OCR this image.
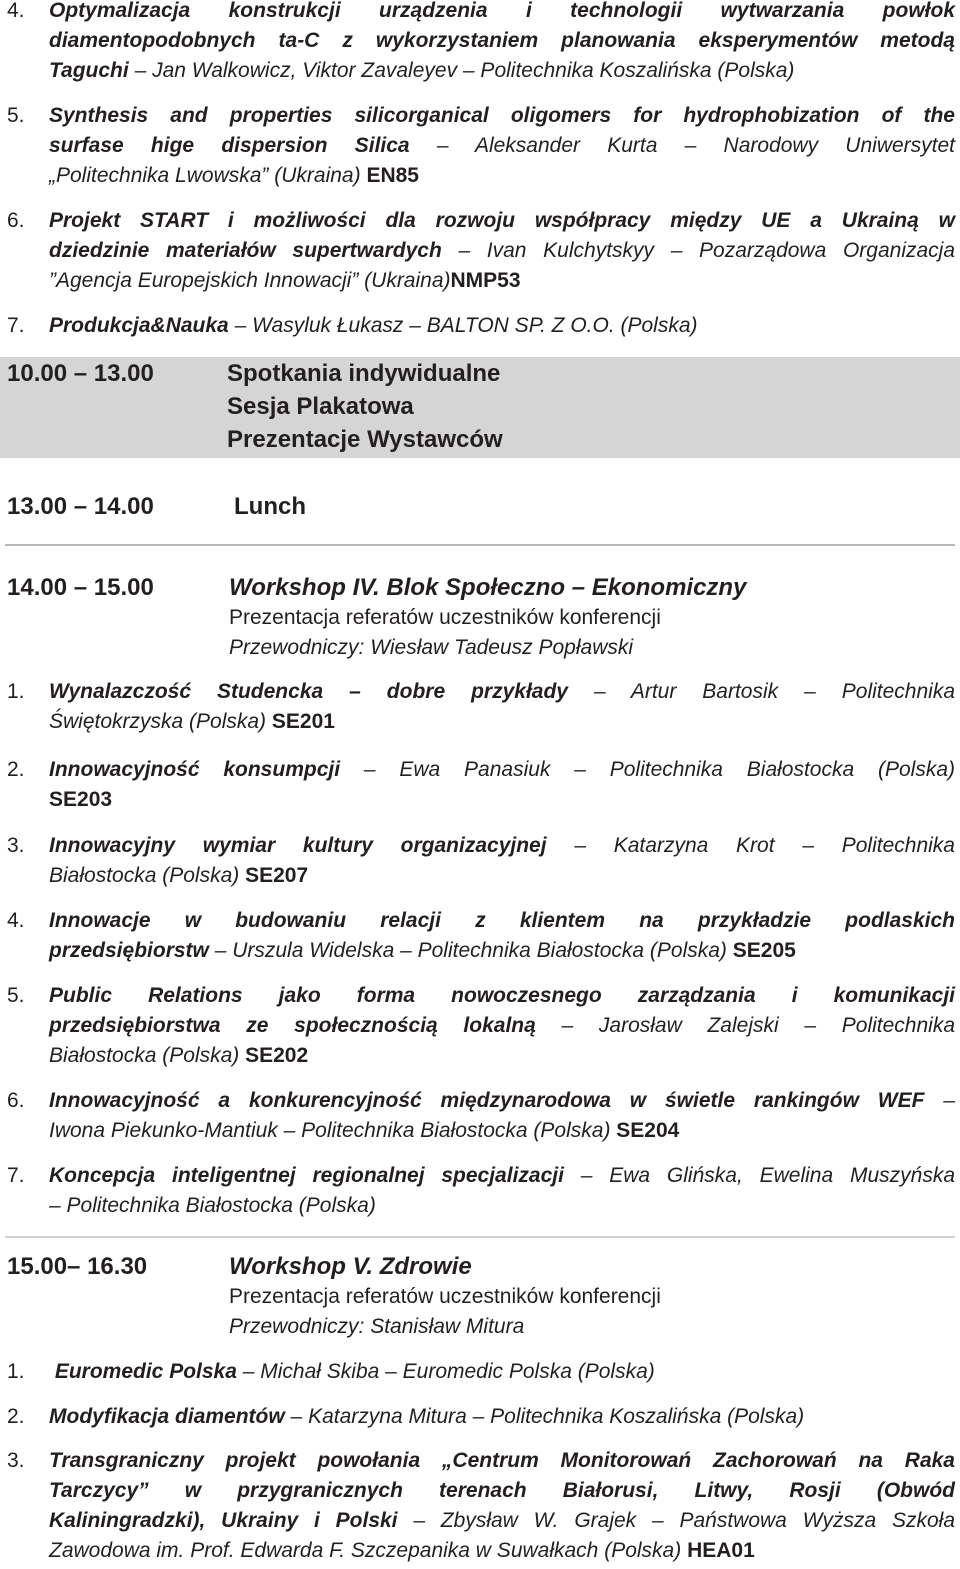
4. Optymalizacja konstrukcji urządzenia i technologii wytwarzania powłok
diamentopodobnych ta-C z wykorzystaniem planowania eksperymentów metodą
Taguchi – Jan Walkowicz, Viktor Zavaleyev – Politechnika Koszalińska (Polska)
5. Synthesis and properties silicorganical oligomers for hydrophobization of the
surfase hige dispersion Silica – Aleksander Kurta – Narodowy Uniwersytet
„Politechnika Lwowska” (Ukraina) EN85
6. Projekt START i możliwości dla rozwoju współpracy między UE a Ukrainą w
dziedzinie materiałów supertwardych – Ivan Kulchytskyy – Pozarządowa Organizacja
”Agencja Europejskich Innowacji” (Ukraina)NMP53
7. Produkcja&Nauka – Wasyluk Łukasz – BALTON SP. Z O.O. (Polska)
10.00 – 13.00	Spotkania indywidualne
Sesja Plakatowa
Prezentacje Wystawców
13.00 – 14.00	Lunch
14.00 – 15.00	Workshop IV. Blok Społeczno – Ekonomiczny
Prezentacja referatów uczestników konferencji
Przewodniczy: Wiesław Tadeusz Popławski
1. Wynalazczość Studencka – dobre przykłady – Artur Bartosik – Politechnika
Świętokrzyska (Polska) SE201
2. Innowacyjność konsumpcji – Ewa Panasiuk – Politechnika Białostocka (Polska)
SE203
3. Innowacyjny wymiar kultury organizacyjnej – Katarzyna Krot – Politechnika
Białostocka (Polska) SE207
4. Innowacje w budowaniu relacji z klientem na przykładzie podlaskich
przedsiębiorstw – Urszula Widelska – Politechnika Białostocka (Polska) SE205
5. Public Relations jako forma nowoczesnego zarządzania i komunikacji
przedsiębiorstwa ze społecznością lokalną – Jarosław Zalejski – Politechnika
Białostocka (Polska) SE202
6. Innowacyjność a konkurencyjność międzynarodowa w świetle rankingów WEF –
Iwona Piekunko-Mantiuk – Politechnika Białostocka (Polska) SE204
7. Koncepcja inteligentnej regionalnej specjalizacji – Ewa Glińska, Ewelina Muszyńska
– Politechnika Białostocka (Polska)
15.00– 16.30	Workshop V. Zdrowie
Prezentacja referatów uczestników konferencji
Przewodniczy: Stanisław Mitura
1. Euromedic Polska – Michał Skiba – Euromedic Polska (Polska)
2. Modyfikacja diamentów – Katarzyna Mitura – Politechnika Koszalińska (Polska)
3. Transgraniczny projekt powołania „Centrum Monitorowań Zachorowań na Raka
Tarczycy” w przygranicznych terenach Białorusi, Litwy, Rosji (Obwód
Kaliningradzki), Ukrainy i Polski – Zbysław W. Grajek – Państwowa Wyższa Szkoła
Zawodowa im. Prof. Edwarda F. Szczepanika w Suwałkach (Polska) HEA01
